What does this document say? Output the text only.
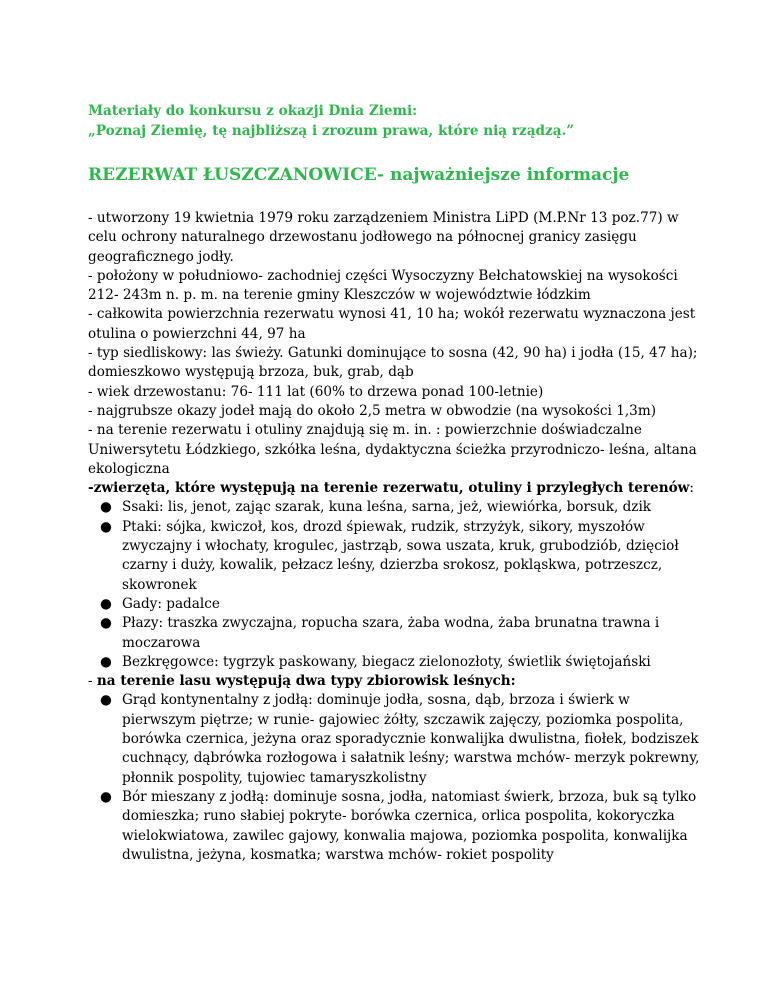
Materiały do konkursu z okazji Dnia Ziemi:

„Poznaj Ziemię, tę najbliższą i zrozum prawa, które nią rządzą.”

REZERWAT ŁUSZCZANOWICE- najważniejsze informacje

- utworzony 19 kwietnia 1979 roku zarządzeniem Ministra LiPD (M.P.Nr 13 poz.77) w celu ochrony naturalnego drzewostanu jodłowego na północnej granicy zasięgu geograficznego jodły.

- położony w południowo- zachodniej części Wysoczyzny Bełchatowskiej na wysokości 212- 243m n. p. m. na terenie gminy Kleszczów w województwie łódzkim

- całkowita powierzchnia rezerwatu wynosi 41, 10 ha; wokół rezerwatu wyznaczona jest otulina o powierzchni 44, 97 ha

- typ siedliskowy: las świeży. Gatunki dominujące to sosna (42, 90 ha) i jodła (15, 47 ha); domieszkowo występują brzoza, buk, grab, dąb

- wiek drzewostanu: 76- 111 lat (60% to drzewa ponad 100-letnie)

- najgrubsze okazy jodeł mają do około 2,5 metra w obwodzie (na wysokości 1,3m)

- na terenie rezerwatu i otuliny znajdują się m. in. : powierzchnie doświadczalne Uniwersytetu Łódzkiego, szkółka leśna, dydaktyczna ścieżka przyrodniczo- leśna, altana ekologiczna

-zwierzęta, które występują na terenie rezerwatu, otuliny i przyległych terenów:

● Ssaki: lis, jenot, zając szarak, kuna leśna, sarna, jeż, wiewiórka, borsuk, dzik
● Ptaki: sójka, kwiczoł, kos, drozd śpiewak, rudzik, strzyżyk, sikory, myszołów zwyczajny i włochaty, krogulec, jastrząb, sowa uszata, kruk, grubodziób, dzięcioł czarny i duży, kowalik, pełzacz leśny, dzierzba srokosz, pokląskwa, potrzeszcz, skowronek
● Gady: padalce
● Płazy: traszka zwyczajna, ropucha szara, żaba wodna, żaba brunatna trawna i moczarowa
● Bezkręgowce: tygrzyk paskowany, biegacz zielonozłoty, świetlik świętojański

- na terenie lasu występują dwa typy zbiorowisk leśnych:

● Grąd kontynentalny z jodłą: dominuje jodła, sosna, dąb, brzoza i świerk w pierwszym piętrze; w runie- gajowiec żółty, szczawik zajęczy, poziomka pospolita, borówka czernica, jeżyna oraz sporadycznie konwalijka dwulistna, fiołek, bodziszek cuchnący, dąbrówka rozłogowa i sałatnik leśny; warstwa mchów- merzyk pokrewny, płonnik pospolity, tujowiec tamaryszkolistny
● Bór mieszany z jodłą: dominuje sosna, jodła, natomiast świerk, brzoza, buk są tylko domieszka; runo słabiej pokryte- borówka czernica, orlica pospolita, kokoryczka wielokwiatowa, zawilec gajowy, konwalia majowa, poziomka pospolita, konwalijka dwulistna, jeżyna, kosmatka; warstwa mchów- rokiet pospolity
